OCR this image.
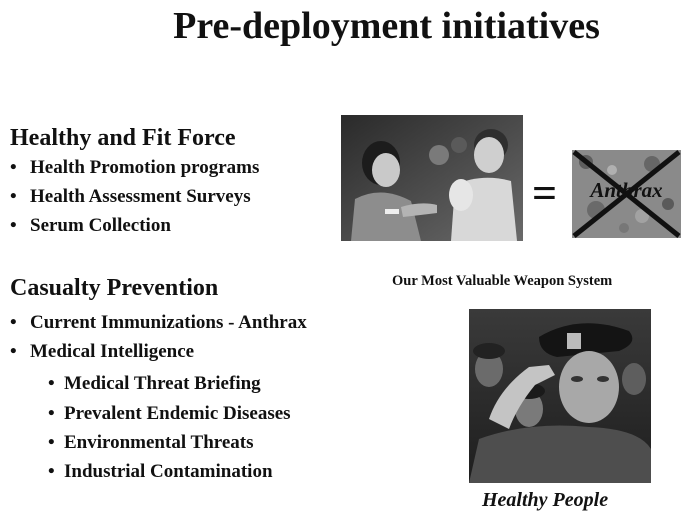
Pre-deployment initiatives
Healthy and Fit Force
• Health Promotion programs
• Health Assessment Surveys
• Serum Collection
Casualty Prevention
• Current Immunizations - Anthrax
• Medical Intelligence
• Medical Threat Briefing
• Prevalent Endemic Diseases
• Environmental Threats
• Industrial Contamination
=	Anthrax
Our Most Valuable Weapon System
Healthy People
